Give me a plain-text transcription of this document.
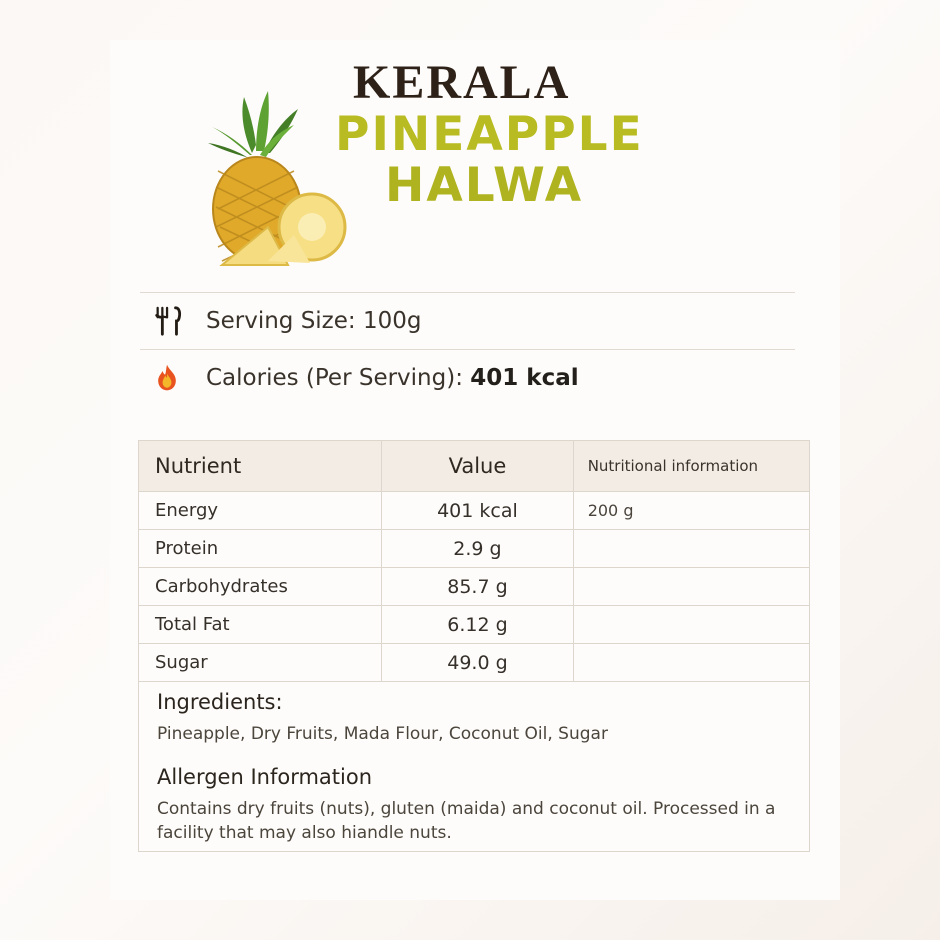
KERALA
PINEAPPLE
HALWA
Serving Size: 100g
Calories (Per Serving): 401 kcal
Nutrient	Value	Nutritional information
Energy	401 kcal	200 g
Protein	2.9 g	
Carbohydrates	85.7 g	
Total Fat	6.12 g	
Sugar	49.0 g	

Ingredients:

Pineapple, Dry Fruits, Mada Flour, Coconut Oil, Sugar

Allergen Information

Contains dry fruits (nuts), gluten (maida) and coconut oil. Processed in a facility that may also hiandle nuts.
